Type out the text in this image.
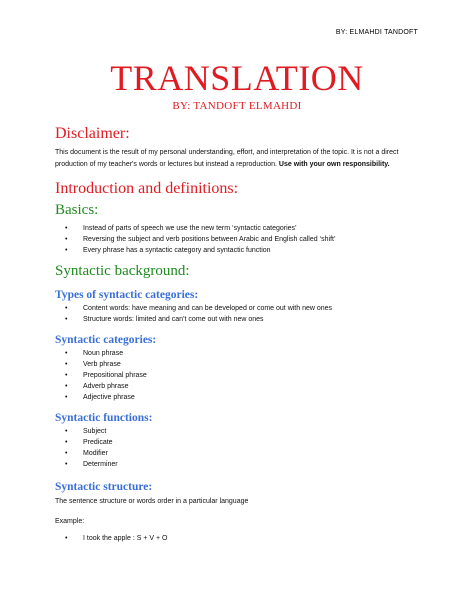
BY: ELMAHDI TANDOFT
TRANSLATION
BY: TANDOFT ELMAHDI
Disclaimer:
This document is the result of my personal understanding, effort, and interpretation of the topic. It is not a direct production of my teacher's words or lectures but instead a reproduction. Use with your own responsibility.
Introduction and definitions:
Basics:
• Instead of parts of speech we use the new term ‘syntactic categories’
• Reversing the subject and verb positions between Arabic and English called ‘shift’
• Every phrase has a syntactic category and syntactic function
Syntactic background:
Types of syntactic categories:
• Content words: have meaning and can be developed or come out with new ones
• Structure words: limited and can’t come out with new ones
Syntactic categories:
• Noun phrase
• Verb phrase
• Prepositional phrase
• Adverb phrase
• Adjective phrase
Syntactic functions:
• Subject
• Predicate
• Modifier
• Determiner
Syntactic structure:
The sentence structure or words order in a particular language
Example:
• I took the apple : S + V + O
